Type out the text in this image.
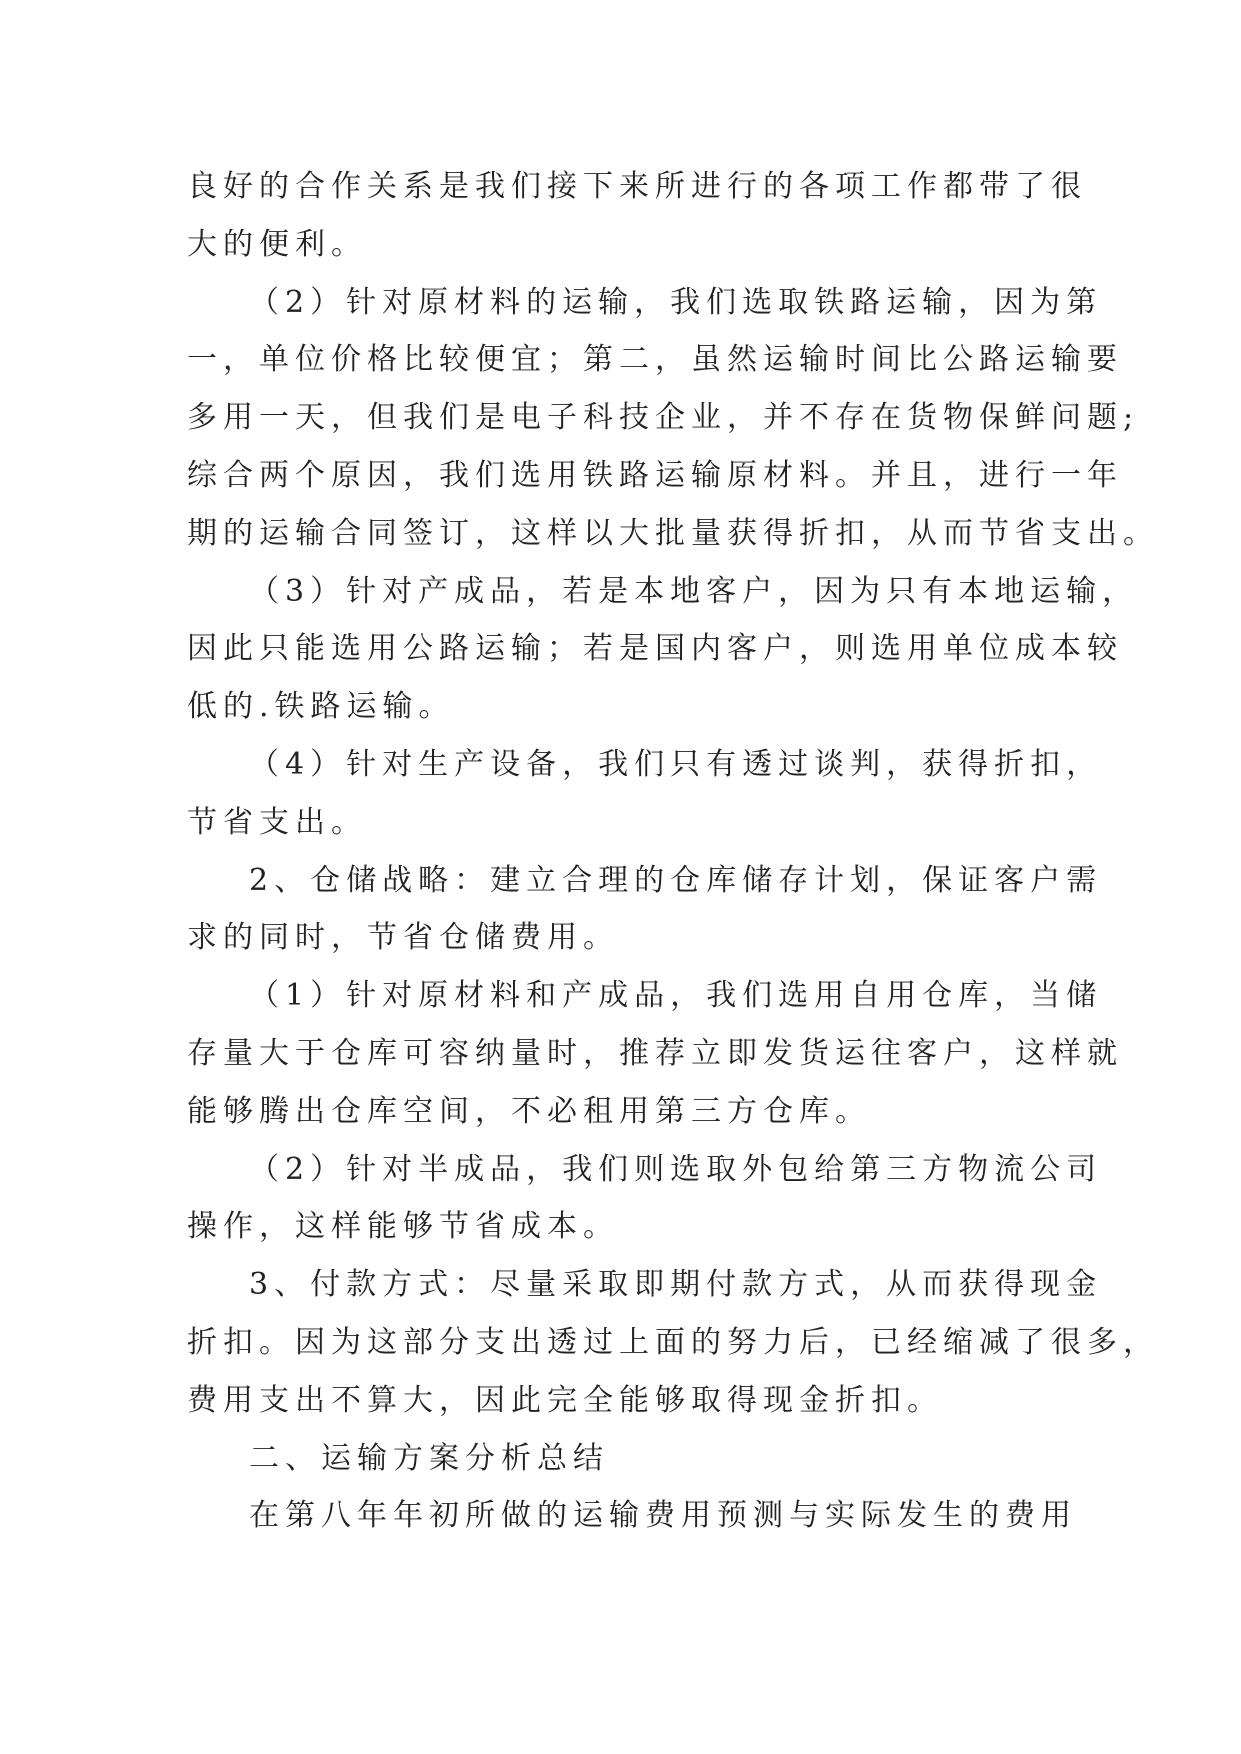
良好的合作关系是我们接下来所进行的各项工作都带了很
大的便利。
（2）针对原材料的运输，我们选取铁路运输，因为第
一，单位价格比较便宜；第二，虽然运输时间比公路运输要
多用一天，但我们是电子科技企业，并不存在货物保鲜问题;
综合两个原因，我们选用铁路运输原材料。并且，进行一年
期的运输合同签订，这样以大批量获得折扣，从而节省支出。
（3）针对产成品，若是本地客户，因为只有本地运输，
因此只能选用公路运输；若是国内客户，则选用单位成本较
低的.铁路运输。
（4）针对生产设备，我们只有透过谈判，获得折扣，
节省支出。
2、仓储战略：建立合理的仓库储存计划，保证客户需
求的同时，节省仓储费用。
（1）针对原材料和产成品，我们选用自用仓库，当储
存量大于仓库可容纳量时，推荐立即发货运往客户，这样就
能够腾出仓库空间，不必租用第三方仓库。
（2）针对半成品，我们则选取外包给第三方物流公司
操作，这样能够节省成本。
3、付款方式：尽量采取即期付款方式，从而获得现金
折扣。因为这部分支出透过上面的努力后，已经缩减了很多，
费用支出不算大，因此完全能够取得现金折扣。
二、运输方案分析总结
在第八年年初所做的运输费用预测与实际发生的费用
